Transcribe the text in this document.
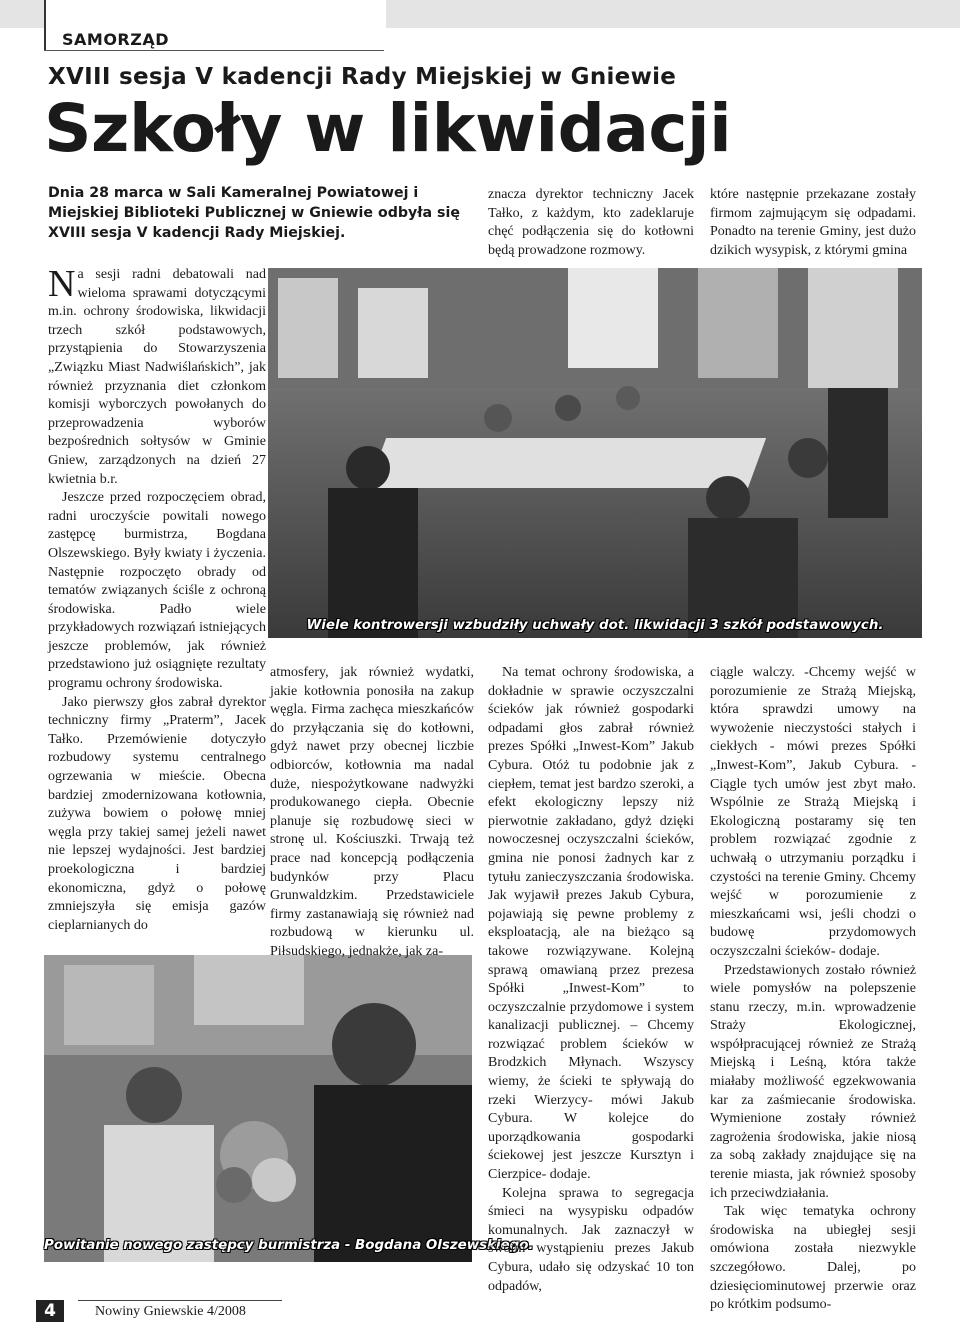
SAMORZĄD
XVIII sesja V kadencji Rady Miejskiej w Gniewie
Szkoły w likwidacji
Dnia 28 marca w Sali Kameralnej Powiatowej i Miejskiej Biblioteki Publicznej w Gniewie odbyła się XVIII sesja V kadencji Rady Miejskiej.

Na sesji radni debatowali nad wieloma sprawami dotyczącymi m.in. ochrony środowiska, likwidacji trzech szkół podstawowych, przystąpienia do Stowarzyszenia „Związku Miast Nadwiślańskich”, jak również przyznania diet członkom komisji wyborczych powołanych do przeprowadzenia wyborów bezpośrednich sołtysów w Gminie Gniew, zarządzonych na dzień 27 kwietnia b.r.

Jeszcze przed rozpoczęciem obrad, radni uroczyście powitali nowego zastępcę burmistrza, Bogdana Olszewskiego. Były kwiaty i życzenia. Następnie rozpoczęto obrady od tematów związanych ściśle z ochroną środowiska. Padło wiele przykładowych rozwiązań istniejących jeszcze problemów, jak również przedstawiono już osiągnięte rezultaty programu ochrony środowiska.

Jako pierwszy głos zabrał dyrektor techniczny firmy „Praterm”, Jacek Tałko. Przemówienie dotyczyło rozbudowy systemu centralnego ogrzewania w mieście. Obecna bardziej zmodernizowana kotłownia, zużywa bowiem o połowę mniej węgla przy takiej samej jeżeli nawet nie lepszej wydajności. Jest bardziej proekologiczna i bardziej ekonomiczna, gdyż o połowę zmniejszyła się emisja gazów cieplarnianych do

znacza dyrektor techniczny Jacek Tałko, z każdym, kto zadeklaruje chęć podłączenia się do kotłowni będą prowadzone rozmowy.

które następnie przekazane zostały firmom zajmującym się odpadami. Ponadto na terenie Gminy, jest dużo dzikich wysypisk, z którymi gmina

Wiele kontrowersji wzbudziły uchwały dot. likwidacji 3 szkół podstawowych.
Powitanie nowego zastępcy burmistrza - Bogdana Olszewskiego.

atmosfery, jak również wydatki, jakie kotłownia ponosiła na zakup węgla. Firma zachęca mieszkańców do przyłączania się do kotłowni, gdyż nawet przy obecnej liczbie odbiorców, kotłownia ma nadal duże, niespożytkowane nadwyżki produkowanego ciepła. Obecnie planuje się rozbudowę sieci w stronę ul. Kościuszki. Trwają też prace nad koncepcją podłączenia budynków przy Placu Grunwaldzkim. Przedstawiciele firmy zastanawiają się również nad rozbudową w kierunku ul. Piłsudskiego, jednakże, jak za-

Na temat ochrony środowiska, a dokładnie w sprawie oczyszczalni ścieków jak również gospodarki odpadami głos zabrał również prezes Spółki „Inwest-Kom” Jakub Cybura. Otóż tu podobnie jak z ciepłem, temat jest bardzo szeroki, a efekt ekologiczny lepszy niż pierwotnie zakładano, gdyż dzięki nowoczesnej oczyszczalni ścieków, gmina nie ponosi żadnych kar z tytułu zanieczyszczania środowiska. Jak wyjawił prezes Jakub Cybura, pojawiają się pewne problemy z eksploatacją, ale na bieżąco są takowe rozwiązywane. Kolejną sprawą omawianą przez prezesa Spółki „Inwest-Kom” to oczyszczalnie przydomowe i system kanalizacji publicznej. – Chcemy rozwiązać problem ścieków w Brodzkich Młynach. Wszyscy wiemy, że ścieki te spływają do rzeki Wierzycy- mówi Jakub Cybura. W kolejce do uporządkowania gospodarki ściekowej jest jeszcze Kursztyn i Cierzpice- dodaje.

Kolejna sprawa to segregacja śmieci na wysypisku odpadów komunalnych. Jak zaznaczył w swoim wystąpieniu prezes Jakub Cybura, udało się odzyskać 10 ton odpadów,

ciągle walczy. -Chcemy wejść w porozumienie ze Strażą Miejską, która sprawdzi umowy na wywożenie nieczystości stałych i ciekłych - mówi prezes Spółki „Inwest-Kom”, Jakub Cybura. - Ciągle tych umów jest zbyt mało. Wspólnie ze Strażą Miejską i Ekologiczną postaramy się ten problem rozwiązać zgodnie z uchwałą o utrzymaniu porządku i czystości na terenie Gminy. Chcemy wejść w porozumienie z mieszkańcami wsi, jeśli chodzi o budowę przydomowych oczyszczalni ścieków- dodaje.

Przedstawionych zostało również wiele pomysłów na polepszenie stanu rzeczy, m.in. wprowadzenie Straży Ekologicznej, współpracującej również ze Strażą Miejską i Leśną, która także miałaby możliwość egzekwowania kar za zaśmiecanie środowiska. Wymienione zostały również zagrożenia środowiska, jakie niosą za sobą zakłady znajdujące się na terenie miasta, jak również sposoby ich przeciwdziałania.

Tak więc tematyka ochrony środowiska na ubiegłej sesji omówiona została niezwykle szczegółowo. Dalej, po dziesięciominutowej przerwie oraz po krótkim podsumo-

4	Nowiny Gniewskie 4/2008
